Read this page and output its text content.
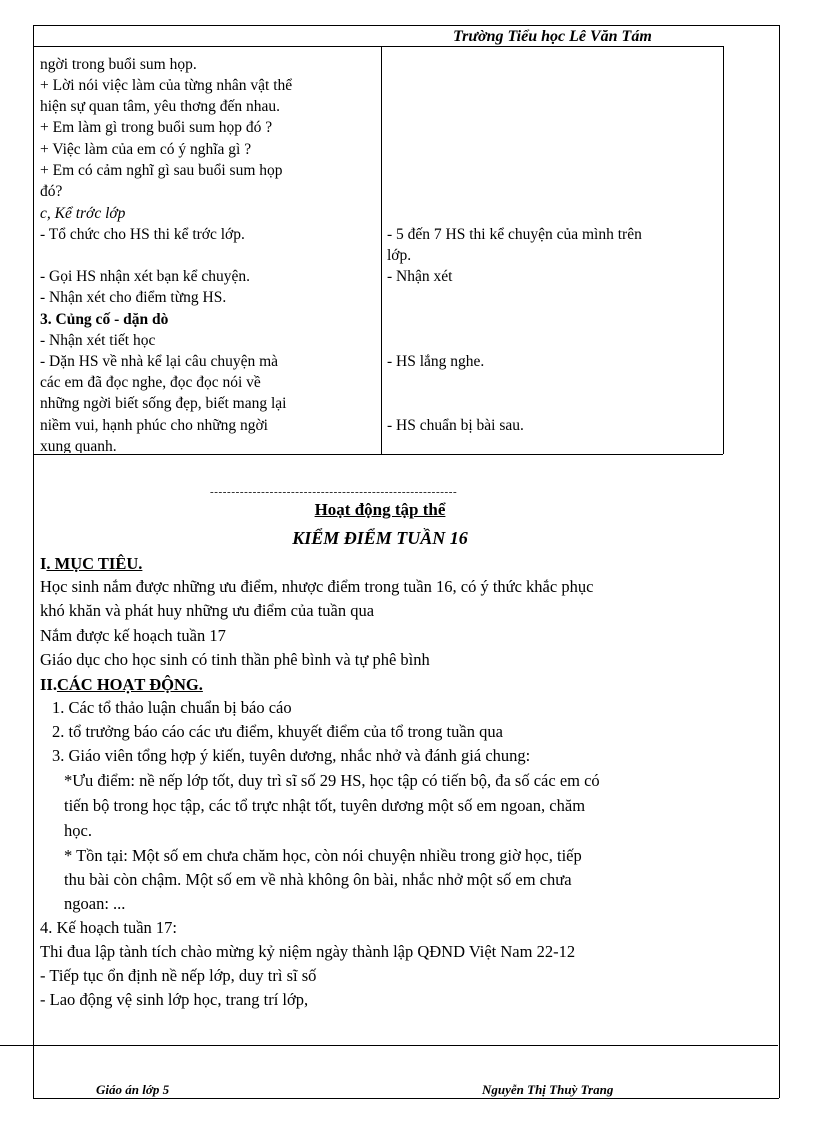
Trường Tiểu học Lê Văn Tám
ngời trong buổi sum họp.
+ Lời nói việc làm của từng nhân vật thể
hiện sự quan tâm, yêu thơng đến nhau.
+ Em làm gì trong buổi sum họp đó ?
+ Việc làm của em có ý nghĩa gì ?
+ Em có cảm nghĩ gì sau buổi sum họp
đó?
c, Kể trớc lớp
- Tổ chức cho HS thi kể trớc lớp.
- Gọi HS nhận xét bạn kể chuyện.
- Nhận xét cho điểm từng HS.
3. Củng cố - dặn dò
- Nhận xét tiết học
- Dặn HS về nhà kể lại câu chuyện mà
các em đã đọc nghe, đọc đọc nói về
những ngời biết sống đẹp, biết mang lại
niềm vui, hạnh phúc cho những ngời
xung quanh.
- 5 đến 7 HS thi kể chuyện của mình trên
lớp.
- Nhận xét
- HS lắng nghe.
- HS chuẩn bị bài sau.
----------------------------------------------------------
Hoạt động tập thể
KIỂM ĐIỂM TUẦN 16
I. MỤC TIÊU.
Học sinh nắm được những ưu điểm, nhược điểm trong tuần 16, có ý thức khắc phục
khó khăn và phát huy những ưu điểm của tuần qua
Nắm được kế hoạch tuần 17
Giáo dục cho học sinh có tinh thần phê bình và tự phê bình
II.CÁC HOẠT ĐỘNG.
1. Các tổ thảo luận chuẩn bị báo cáo
2. tổ trưởng báo cáo các ưu điểm, khuyết điểm của tổ trong tuần qua
3. Giáo viên tổng hợp ý kiến, tuyên dương, nhắc nhở và đánh giá chung:
*Ưu điểm: nề nếp lớp tốt, duy trì sĩ số 29 HS, học tập có tiến bộ, đa số các em có
tiến bộ trong học tập, các tổ trực nhật tốt, tuyên dương một số em ngoan, chăm
học.
* Tồn tại: Một số em chưa chăm học, còn nói chuyện nhiều trong giờ học, tiếp
thu bài còn chậm. Một số em về nhà không ôn bài, nhắc nhở một số em chưa
ngoan: ...
4. Kế hoạch tuần 17:
Thi đua lập tành tích chào mừng kỷ niệm ngày thành lập QĐND Việt Nam 22-12
- Tiếp tục ổn định nề nếp lớp, duy trì sĩ số
- Lao động vệ sinh lớp học, trang trí lớp,
Giáo án lớp 5	Nguyễn Thị Thuỳ Trang
